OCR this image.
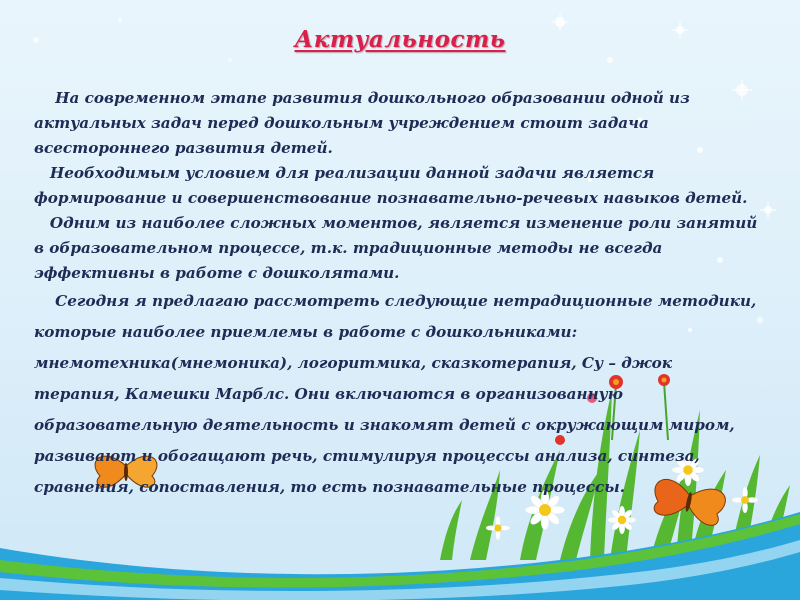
Актуальность

На современном этапе развития дошкольного образовании одной из актуальных задач перед дошкольным учреждением стоит задача всестороннего развития детей.

Необходимым условием для реализации данной задачи является формирование и совершенствование познавательно-речевых навыков детей.

Одним из наиболее сложных моментов, является изменение роли занятий в образовательном процессе, т.к. традиционные методы не всегда эффективны в работе с дошколятами.

Сегодня я предлагаю рассмотреть следующие нетрадиционные методики, которые наиболее приемлемы в работе с дошкольниками: мнемотехника(мнемоника), логоритмика, сказкотерапия, Су – джок терапия, Камешки Марблс. Они включаются в организованную образовательную деятельность и знакомят детей с окружающим миром, развивают и обогащают речь, стимулируя процессы анализа, синтеза, сравнения, сопоставления, то есть познавательные процессы.
